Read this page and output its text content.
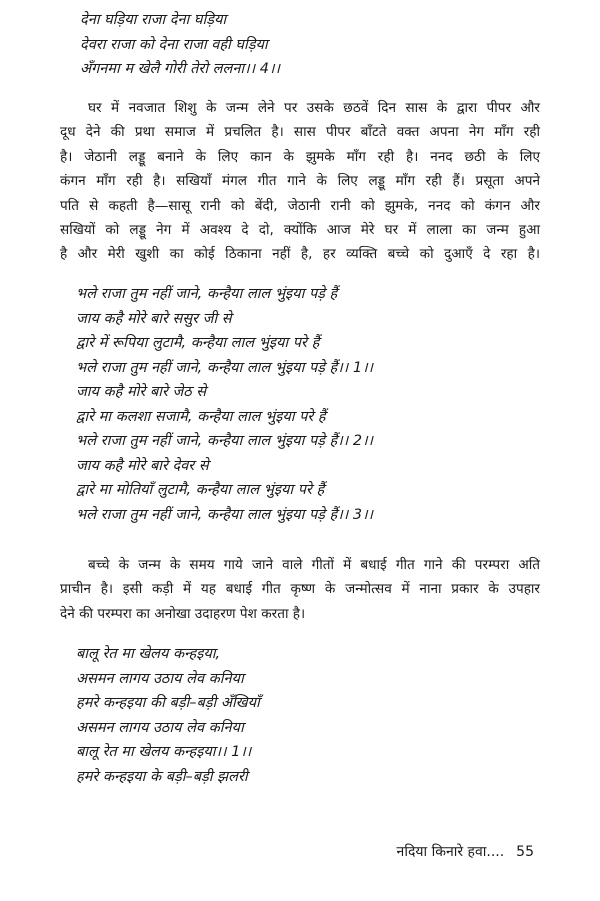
देना घड़िया राजा देना घड़िया
देवरा राजा को देना राजा वही घड़िया
अँगनमा म खेलै गोरी तेरो ललना।। 4।।
घर में नवजात शिशु के जन्म लेने पर उसके छठवें दिन सास के द्वारा पीपर और
दूध देने की प्रथा समाज में प्रचलित है। सास पीपर बाँटते वक्त अपना नेग माँग रही
है। जेठानी लड्डू बनाने के लिए कान के झुमके माँग रही है। ननद छठी के लिए
कंगन माँग रही है। सखियाँ मंगल गीत गाने के लिए लड्डू माँग रही हैं। प्रसूता अपने
पति से कहती है—सासू रानी को बेंदी, जेठानी रानी को झुमके, ननद को कंगन और
सखियों को लड्डू नेग में अवश्य दे दो, क्योंकि आज मेरे घर में लाला का जन्म हुआ
है और मेरी खुशी का कोई ठिकाना नहीं है, हर व्यक्ति बच्चे को दुआएँ दे रहा है।
भले राजा तुम नहीं जाने, कन्हैया लाल भुंइया पड़े हैं
जाय कहै मोरे बारे ससुर जी से
द्वारे में रूपिया लुटामै, कन्हैया लाल भुंइया परे हैं
भले राजा तुम नहीं जाने, कन्हैया लाल भुंइया पड़े हैं।। 1।।
जाय कहै मोरे बारे जेठ से
द्वारे मा कलशा सजामै, कन्हैया लाल भुंइया परे हैं
भले राजा तुम नहीं जाने, कन्हैया लाल भुंइया पड़े हैं।। 2।।
जाय कहै मोरे बारे देवर से
द्वारे मा मोतियाँ लुटामै, कन्हैया लाल भुंइया परे हैं
भले राजा तुम नहीं जाने, कन्हैया लाल भुंइया पड़े हैं।। 3।।
बच्चे के जन्म के समय गाये जाने वाले गीतों में बधाई गीत गाने की परम्परा अति
प्राचीन है। इसी कड़ी में यह बधाई गीत कृष्ण के जन्मोत्सव में नाना प्रकार के उपहार
देने की परम्परा का अनोखा उदाहरण पेश करता है।
बालू रेत मा खेलय कन्हइया,
असमन लागय उठाय लेव कनिया
हमरे कन्हइया की बड़ी–बड़ी अँखियाँ
असमन लागय उठाय लेव कनिया
बालू रेत मा खेलय कन्हइया।। 1।।
हमरे कन्हइया के बड़ी–बड़ी झलरी
नदिया किनारे हवा.... 55
